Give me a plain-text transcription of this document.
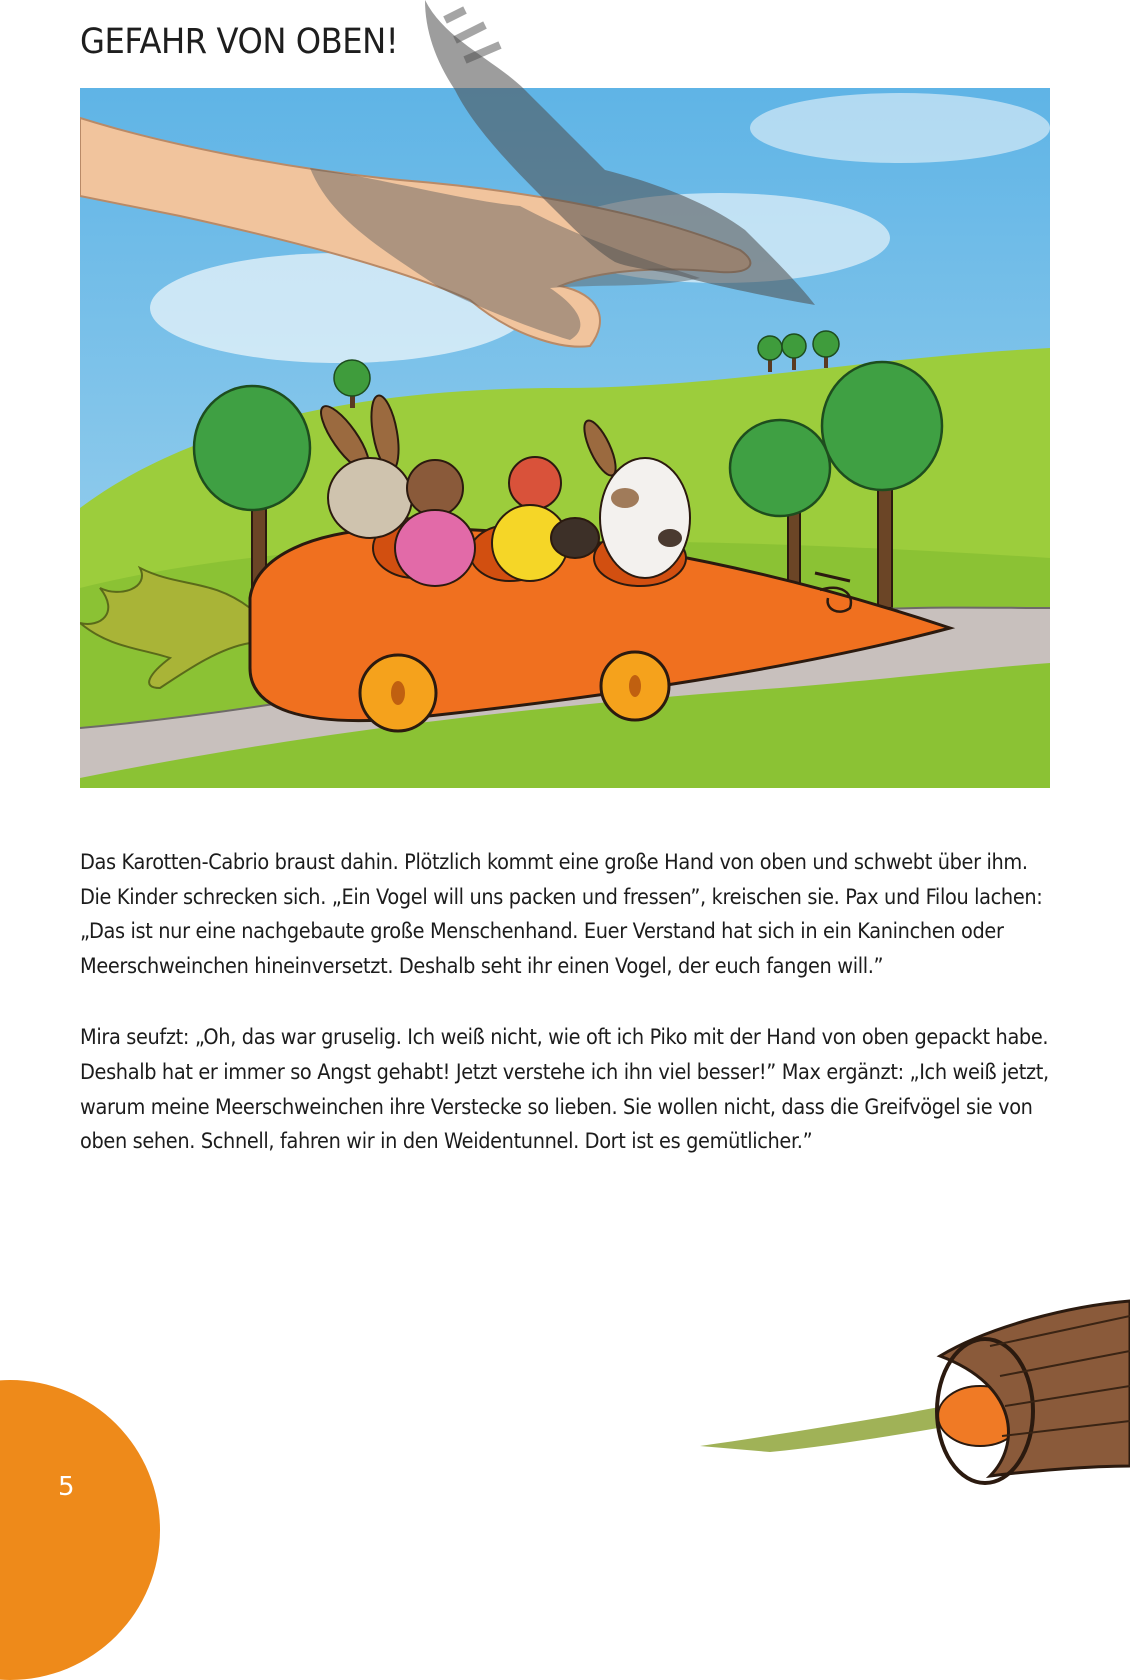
GEFAHR VON OBEN!

Das Karotten-Cabrio braust dahin. Plötzlich kommt eine große Hand von oben und schwebt über ihm. Die Kinder schrecken sich. „Ein Vogel will uns packen und fressen”, kreischen sie. Pax und Filou lachen: „Das ist nur eine nachgebaute große Menschenhand. Euer Verstand hat sich in ein Kaninchen oder Meerschweinchen hineinversetzt. Deshalb seht ihr einen Vogel, der euch fangen will.”

Mira seufzt: „Oh, das war gruselig. Ich weiß nicht, wie oft ich Piko mit der Hand von oben gepackt habe. Deshalb hat er immer so Angst gehabt! Jetzt verstehe ich ihn viel besser!” Max ergänzt: „Ich weiß jetzt, warum meine Meerschweinchen ihre Verstecke so lieben. Sie wollen nicht, dass die Greifvögel sie von oben sehen. Schnell, fahren wir in den Weidentunnel. Dort ist es gemütlicher.”

5
